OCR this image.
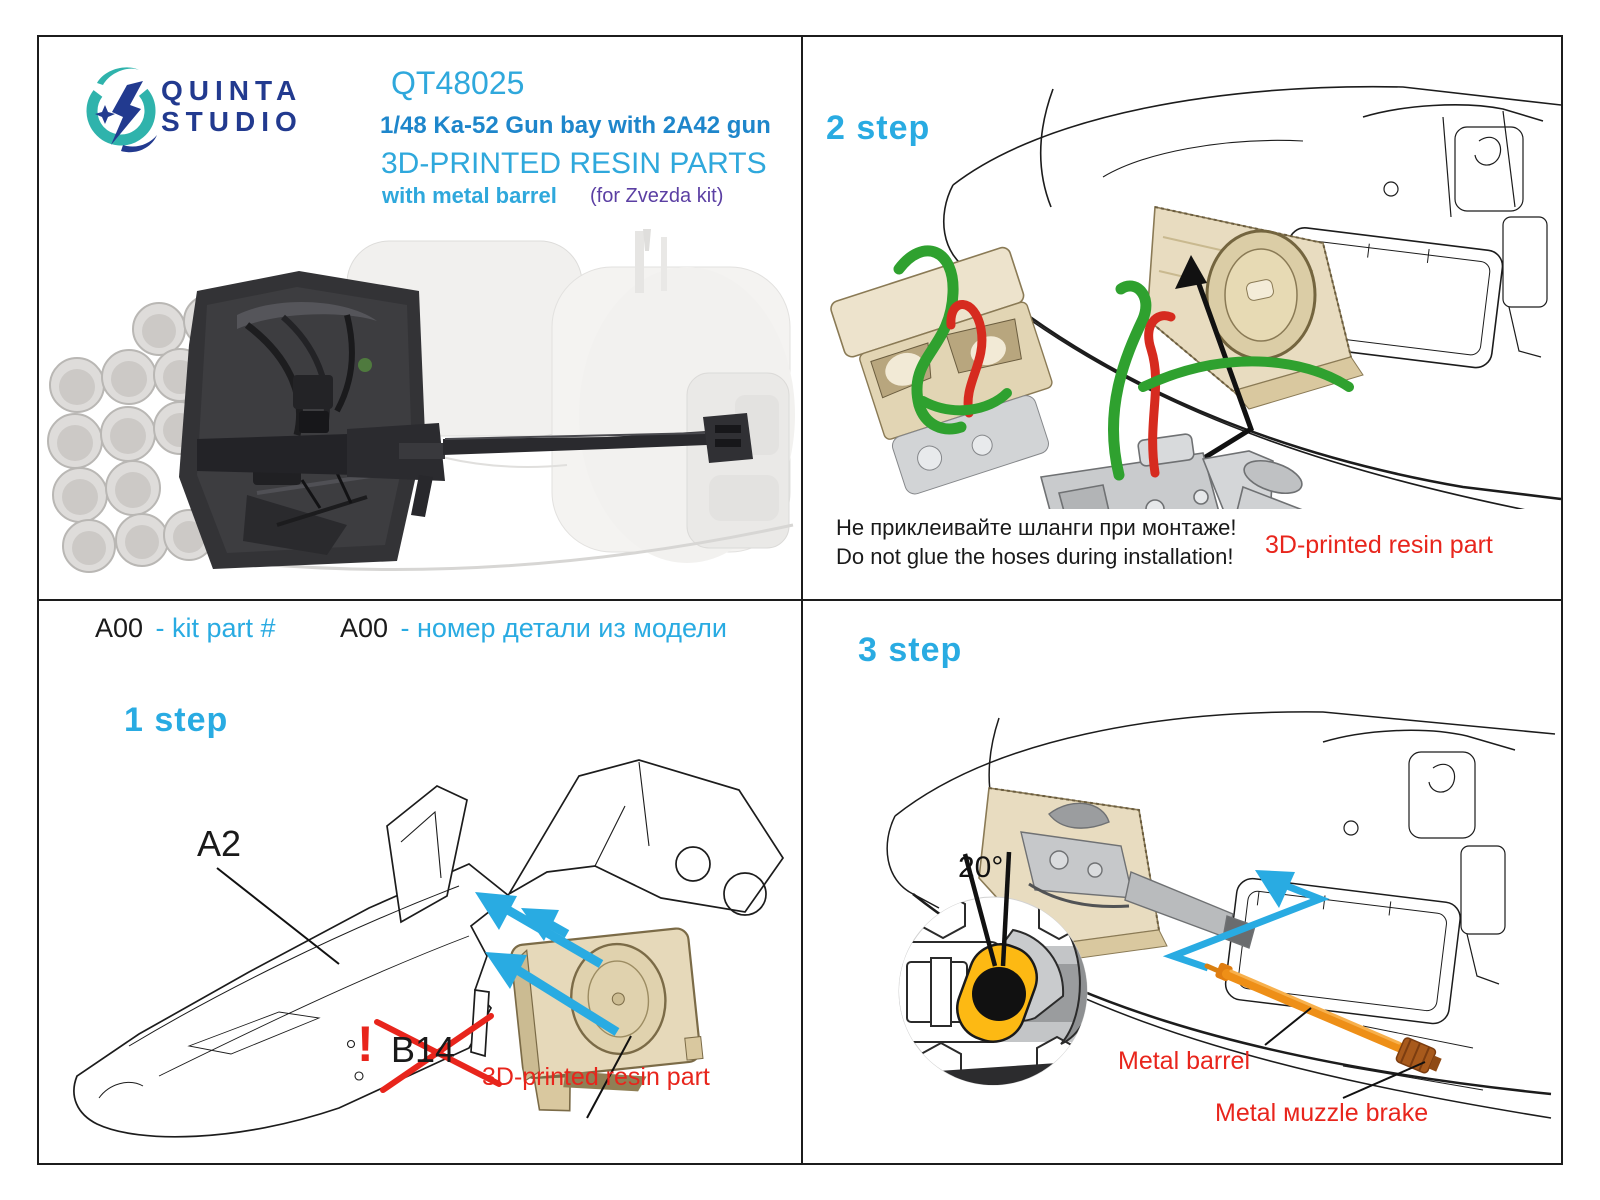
QUINTA
STUDIO
QT48025
1/48 Ka-52 Gun bay with 2A42 gun
3D-PRINTED RESIN PARTS
with metal barrel (for Zvezda kit)
2 step
Не приклеивайте шланги при монтаже!
Do not glue the hoses during installation! 3D-printed resin part
A00 - kit part # A00 - номер детали из модели
1 step
A2
! B14
3D-printed resin part
3 step
20°
Metal barrel
Metal мuzzle brake
